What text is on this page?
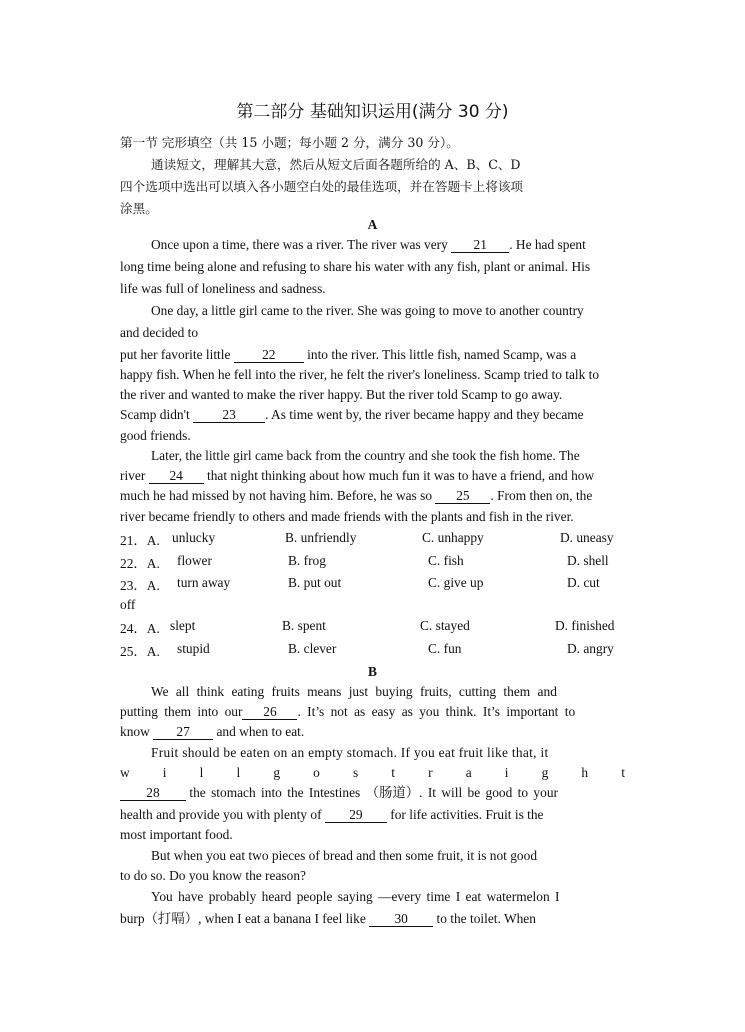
第二部分 基础知识运用(满分 30 分)
第一节 完形填空（共 15 小题；每小题 2 分，满分 30 分）。
通读短文，理解其大意，然后从短文后面各题所给的 A、B、C、D
四个选项中选出可以填入各小题空白处的最佳选项，并在答题卡上将该项
涂黑。
A
Once upon a time, there was a river. The river was very 21 . He had spent
long time being alone and refusing to share his water with any fish, plant or animal. His
life was full of loneliness and sadness.
One day, a little girl came to the river. She was going to move to another country
and decided to
put her favorite little 22 into the river. This little fish, named Scamp, was a
happy fish. When he fell into the river, he felt the river's loneliness. Scamp tried to talk to
the river and wanted to make the river happy. But the river told Scamp to go away.
Scamp didn't 23 . As time went by, the river became happy and they became
good friends.
Later, the little girl came back from the country and she took the fish home. The
river 24 that night thinking about how much fun it was to have a friend, and how
much he had missed by not having him. Before, he was so 25 . From then on, the
river became friendly to others and made friends with the plants and fish in the river.
21．A. unlucky	B. unfriendly	C. unhappy	D. uneasy
22．A. flower	B. frog	C. fish	D. shell
23．A. turn away	B. put out	C. give up	D. cut
off
24．A. slept	B. spent	C. stayed	D. finished
25．A. stupid	B. clever	C. fun	D. angry
B
We all think eating fruits means just buying fruits, cutting them and
putting them into our 26 . It’s not as easy as you think. It’s important to
know 27 and when to eat.
Fruit should be eaten on an empty stomach. If you eat fruit like that, it
w i l l g o s t r a i g h t
28 the stomach into the Intestines （肠道）. It will be good to your
health and provide you with plenty of 29 for life activities. Fruit is the
most important food.
But when you eat two pieces of bread and then some fruit, it is not good
to do so. Do you know the reason?
You have probably heard people saying —every time I eat watermelon I
burp（打嗝）, when I eat a banana I feel like 30 to the toilet. When
